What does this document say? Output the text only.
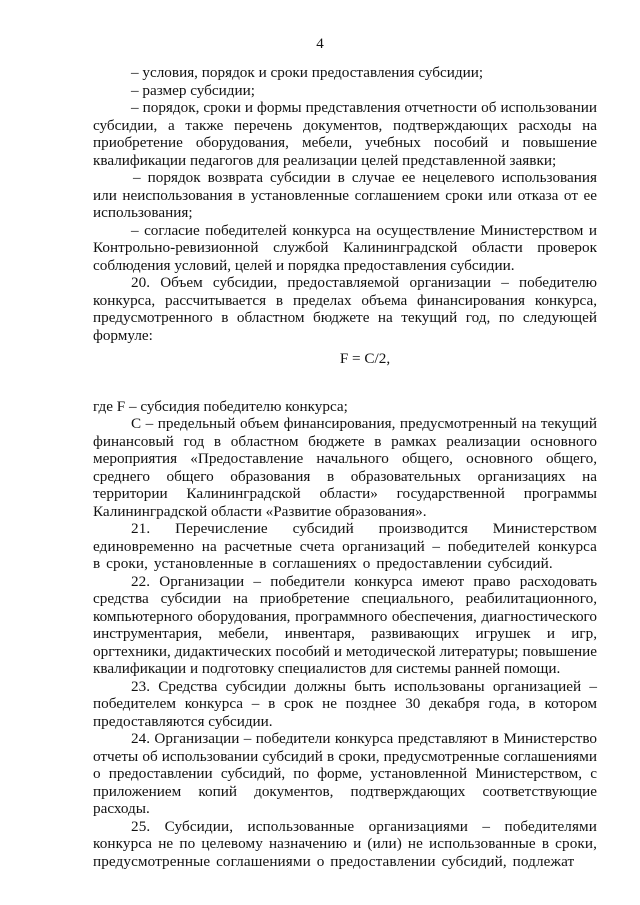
4

– условия, порядок и сроки предоставления субсидии;

– размер субсидии;

– порядок, сроки и формы представления отчетности об использовании субсидии, а также перечень документов, подтверждающих расходы на приобретение оборудования, мебели, учебных пособий и повышение квалификации педагогов для реализации целей представленной заявки;

– порядок возврата субсидии в случае ее нецелевого использования или неиспользования в установленные соглашением сроки или отказа от ее использования;

– согласие победителей конкурса на осуществление Министерством и Контрольно-ревизионной службой Калининградской области проверок соблюдения условий, целей и порядка предоставления субсидии.

20. Объем субсидии, предоставляемой организации – победителю конкурса, рассчитывается в пределах объема финансирования конкурса, предусмотренного в областном бюджете на текущий год, по следующей формуле:

F = C/2,

где F – субсидия победителю конкурса;

C – предельный объем финансирования, предусмотренный на текущий финансовый год в областном бюджете в рамках реализации основного мероприятия «Предоставление начального общего, основного общего, среднего общего образования в образовательных организациях на территории Калининградской области» государственной программы Калининградской области «Развитие образования».

21. Перечисление субсидий производится Министерством единовременно на расчетные счета организаций – победителей конкурса в сроки, установленные в соглашениях о предоставлении субсидий.

22. Организации – победители конкурса имеют право расходовать средства субсидии на приобретение специального, реабилитационного, компьютерного оборудования, программного обеспечения, диагностического инструментария, мебели, инвентаря, развивающих игрушек и игр, оргтехники, дидактических пособий и методической литературы; повышение квалификации и подготовку специалистов для системы ранней помощи.

23. Средства субсидии должны быть использованы организацией – победителем конкурса – в срок не позднее 30 декабря года, в котором предоставляются субсидии.

24. Организации – победители конкурса представляют в Министерство отчеты об использовании субсидий в сроки, предусмотренные соглашениями о предоставлении субсидий, по форме, установленной Министерством, с приложением копий документов, подтверждающих соответствующие расходы.

25. Субсидии, использованные организациями – победителями конкурса не по целевому назначению и (или) не использованные в сроки, предусмотренные соглашениями о предоставлении субсидий, подлежат
